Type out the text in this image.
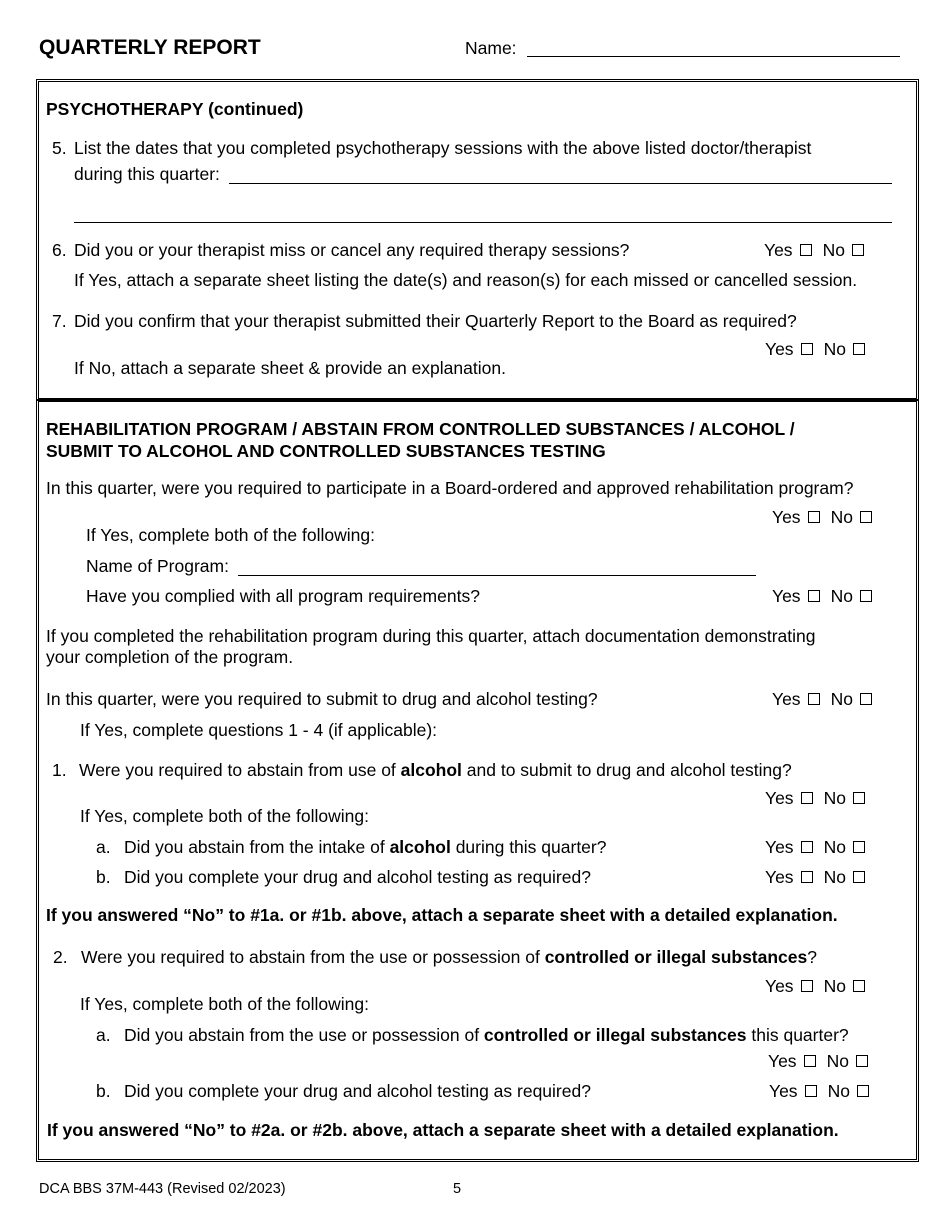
QUARTERLY REPORT	Name:
PSYCHOTHERAPY (continued)
5. List the dates that you completed psychotherapy sessions with the above listed doctor/therapist
during this quarter:
6. Did you or your therapist miss or cancel any required therapy sessions?	Yes No
If Yes, attach a separate sheet listing the date(s) and reason(s) for each missed or cancelled session.
7. Did you confirm that your therapist submitted their Quarterly Report to the Board as required?
Yes No
If No, attach a separate sheet & provide an explanation.
REHABILITATION PROGRAM / ABSTAIN FROM CONTROLLED SUBSTANCES / ALCOHOL /
SUBMIT TO ALCOHOL AND CONTROLLED SUBSTANCES TESTING
In this quarter, were you required to participate in a Board-ordered and approved rehabilitation program?
Yes No
If Yes, complete both of the following:
Name of Program:
Have you complied with all program requirements?	Yes No
If you completed the rehabilitation program during this quarter, attach documentation demonstrating
your completion of the program.
In this quarter, were you required to submit to drug and alcohol testing?	Yes No
If Yes, complete questions 1 - 4 (if applicable):
1. Were you required to abstain from use of alcohol and to submit to drug and alcohol testing?
Yes No
If Yes, complete both of the following:
a. Did you abstain from the intake of alcohol during this quarter?	Yes No
b. Did you complete your drug and alcohol testing as required?	Yes No
If you answered “No” to #1a. or #1b. above, attach a separate sheet with a detailed explanation.
2. Were you required to abstain from the use or possession of controlled or illegal substances?
Yes No
If Yes, complete both of the following:
a. Did you abstain from the use or possession of controlled or illegal substances this quarter?
Yes No
b. Did you complete your drug and alcohol testing as required?	Yes No
If you answered “No” to #2a. or #2b. above, attach a separate sheet with a detailed explanation.
DCA BBS 37M-443 (Revised 02/2023)	5
